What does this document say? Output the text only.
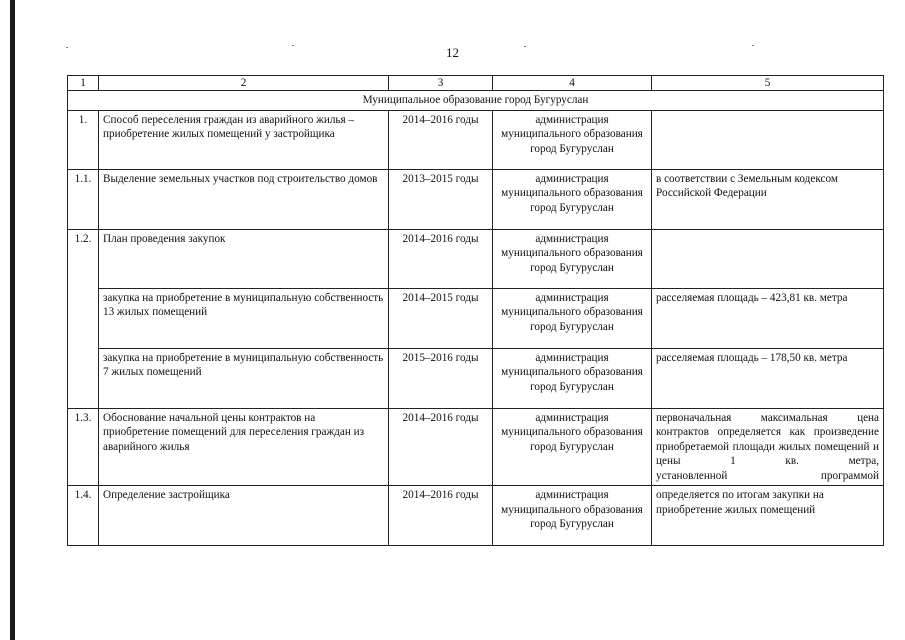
12
1	2	3	4	5
Муниципальное образование город Бугуруслан				
1.	Способ переселения граждан из аварийного жилья – приобретение жилых помещений у застройщика	2014–2016 годы	администрация муниципального образования город Бугуруслан	
1.1.	Выделение земельных участков под строительство домов	2013–2015 годы	администрация муниципального образования город Бугуруслан	в соответствии с Земельным кодексом Российской Федерации
1.2.	План проведения закупок	2014–2016 годы	администрация муниципального образования город Бугуруслан	
	закупка на приобретение в муниципальную собственность 13 жилых помещений	2014–2015 годы	администрация муниципального образования город Бугуруслан	расселяемая площадь – 423,81 кв. метра
	закупка на приобретение в муниципальную собственность 7 жилых помещений	2015–2016 годы	администрация муниципального образования город Бугуруслан	расселяемая площадь – 178,50 кв. метра
1.3.	Обоснование начальной цены контрактов на приобретение помещений для переселения граждан из аварийного жилья	2014–2016 годы	администрация муниципального образования город Бугуруслан	первоначальная максимальная цена контрактов определяется как произведение приобретаемой площади жилых помещений и цены 1 кв. метра,
установленной программой

1.4.	Определение застройщика	2014–2016 годы	администрация муниципального образования город Бугуруслан	определяется по итогам закупки на приобретение жилых помещений
